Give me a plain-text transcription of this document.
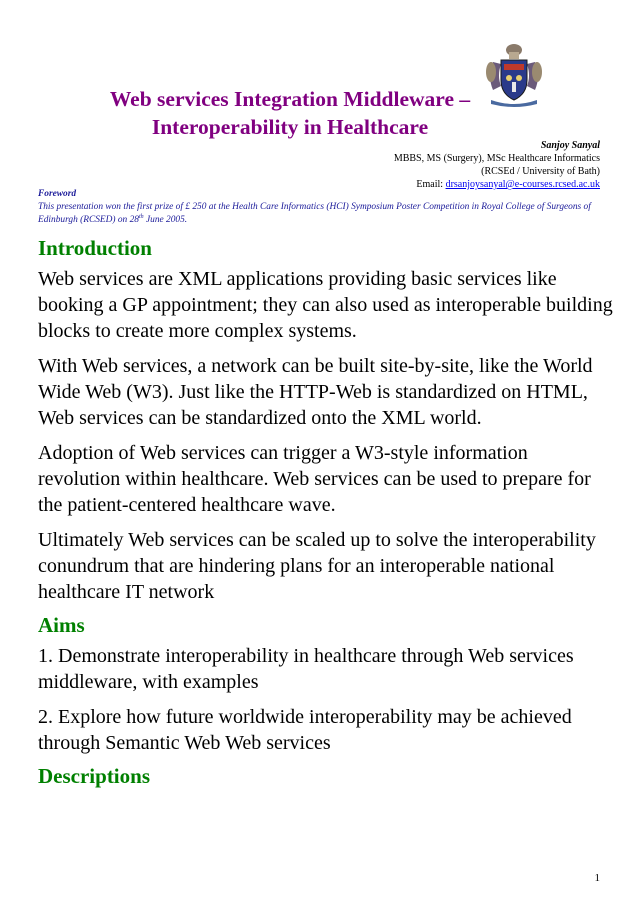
Web services Integration Middleware –
Interoperability in Healthcare
Sanjoy Sanyal
MBBS, MS (Surgery), MSc Healthcare Informatics
(RCSEd / University of Bath)
Email: drsanjoysanyal@e-courses.rcsed.ac.uk
Foreword
This presentation won the first prize of £ 250 at the Health Care Informatics (HCI) Symposium Poster Competition in Royal College of Surgeons of Edinburgh (RCSED) on 28th June 2005.
Introduction

Web services are XML applications providing basic services like booking a GP appointment; they can also used as interoperable building blocks to create more complex systems.

With Web services, a network can be built site-by-site, like the World Wide Web (W3). Just like the HTTP-Web is standardized on HTML, Web services can be standardized onto the XML world.

Adoption of Web services can trigger a W3-style information revolution within healthcare. Web services can be used to prepare for the patient-centered healthcare wave.

Ultimately Web services can be scaled up to solve the interoperability conundrum that are hindering plans for an interoperable national healthcare IT network

Aims

1. Demonstrate interoperability in healthcare through Web services middleware, with examples

2. Explore how future worldwide interoperability may be achieved through Semantic Web Web services

Descriptions
1
